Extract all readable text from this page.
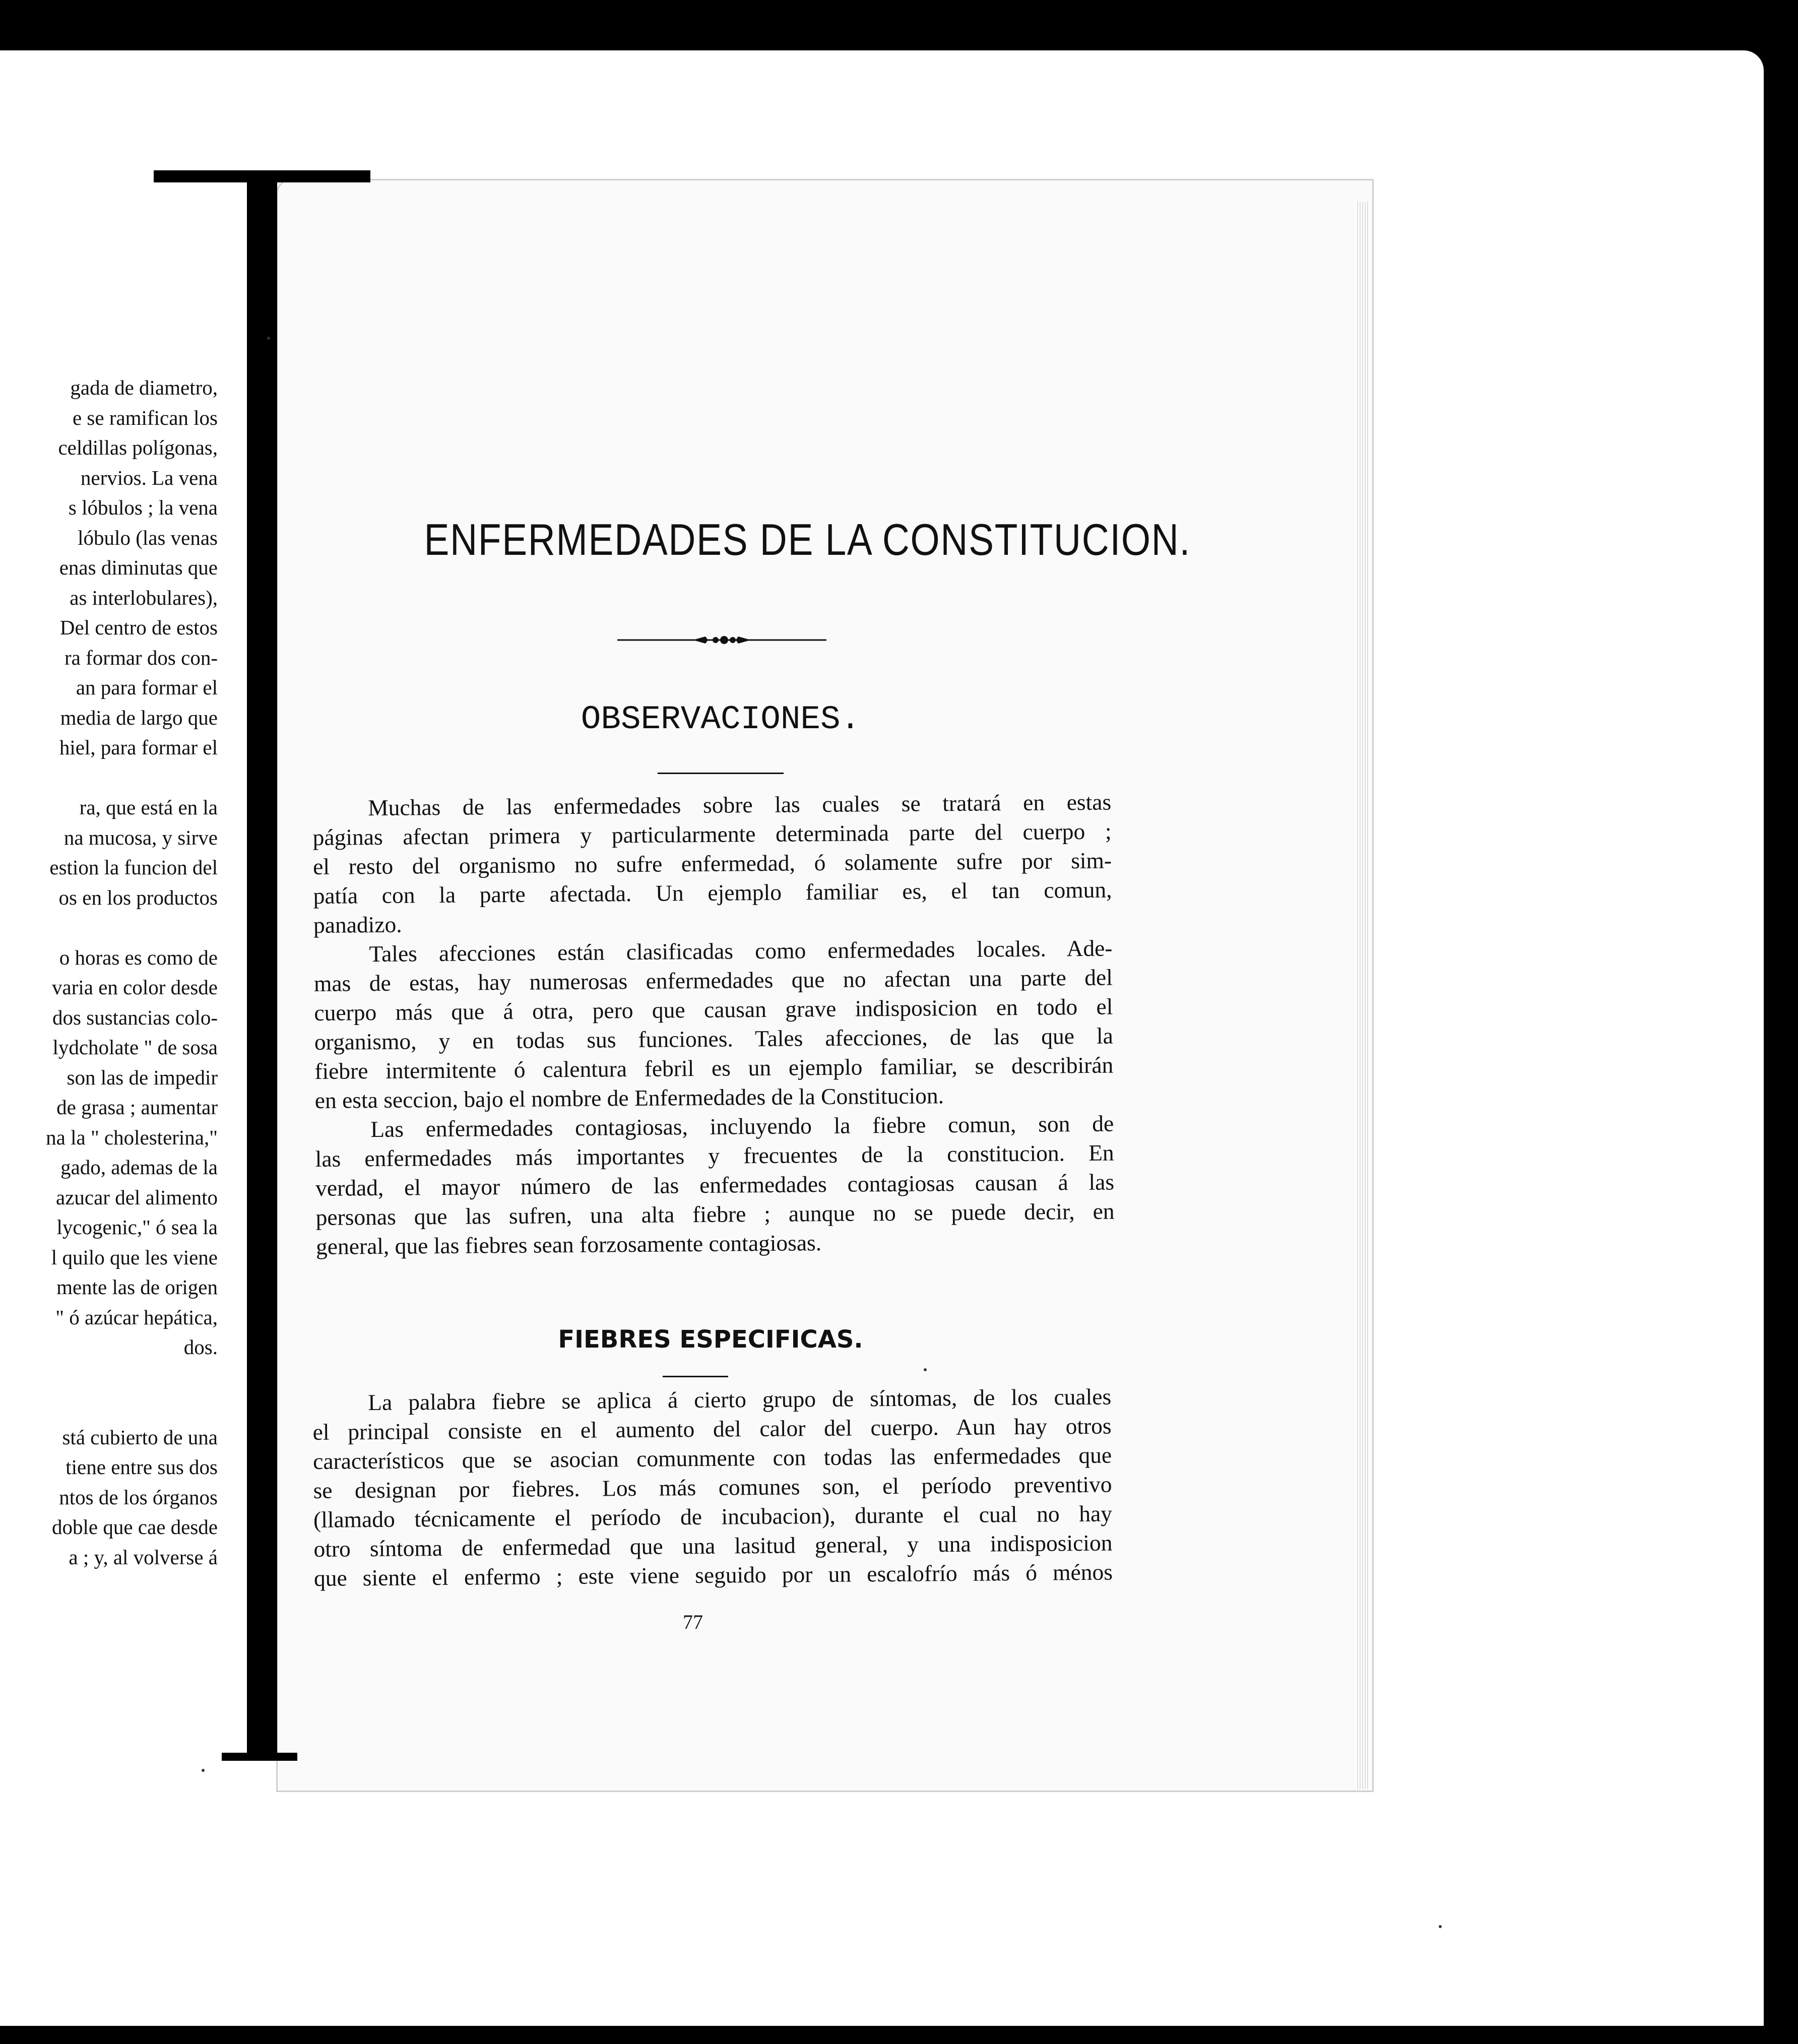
gada de diametro,
e se ramifican los
celdillas polígonas,
nervios. La vena
s lóbulos ; la vena
lóbulo (las venas
enas diminutas que
as interlobulares),
Del centro de estos
ra formar dos con-
an para formar el
media de largo que
hiel, para formar el
ra, que está en la
na mucosa, y sirve
estion la funcion del
os en los productos
o horas es como de
varia en color desde
dos sustancias colo-
lydcholate " de sosa
son las de impedir
de grasa ; aumentar
na la " cholesterina,"
gado, ademas de la
azucar del alimento
lycogenic," ó sea la
l quilo que les viene
mente las de origen
" ó azúcar hepática,
dos.
stá cubierto de una
tiene entre sus dos
ntos de los órganos
doble que cae desde
a ; y, al volverse á
ENFERMEDADES DE LA CONSTITUCION.
OBSERVACIONES.
Muchas de las enfermedades sobre las cuales se tratará en estas
páginas afectan primera y particularmente determinada parte del cuerpo ;
el resto del organismo no sufre enfermedad, ó solamente sufre por sim-
patía con la parte afectada. Un ejemplo familiar es, el tan comun,
panadizo.
Tales afecciones están clasificadas como enfermedades locales. Ade-
mas de estas, hay numerosas enfermedades que no afectan una parte del
cuerpo más que á otra, pero que causan grave indisposicion en todo el
organismo, y en todas sus funciones. Tales afecciones, de las que la
fiebre intermitente ó calentura febril es un ejemplo familiar, se describirán
en esta seccion, bajo el nombre de Enfermedades de la Constitucion.
Las enfermedades contagiosas, incluyendo la fiebre comun, son de
las enfermedades más importantes y frecuentes de la constitucion. En
verdad, el mayor número de las enfermedades contagiosas causan á las
personas que las sufren, una alta fiebre ; aunque no se puede decir, en
general, que las fiebres sean forzosamente contagiosas.
FIEBRES ESPECIFICAS.
La palabra fiebre se aplica á cierto grupo de síntomas, de los cuales
el principal consiste en el aumento del calor del cuerpo. Aun hay otros
característicos que se asocian comunmente con todas las enfermedades que
se designan por fiebres. Los más comunes son, el período preventivo
(llamado técnicamente el período de incubacion), durante el cual no hay
otro síntoma de enfermedad que una lasitud general, y una indisposicion
que siente el enfermo ; este viene seguido por un escalofrío más ó ménos
77
